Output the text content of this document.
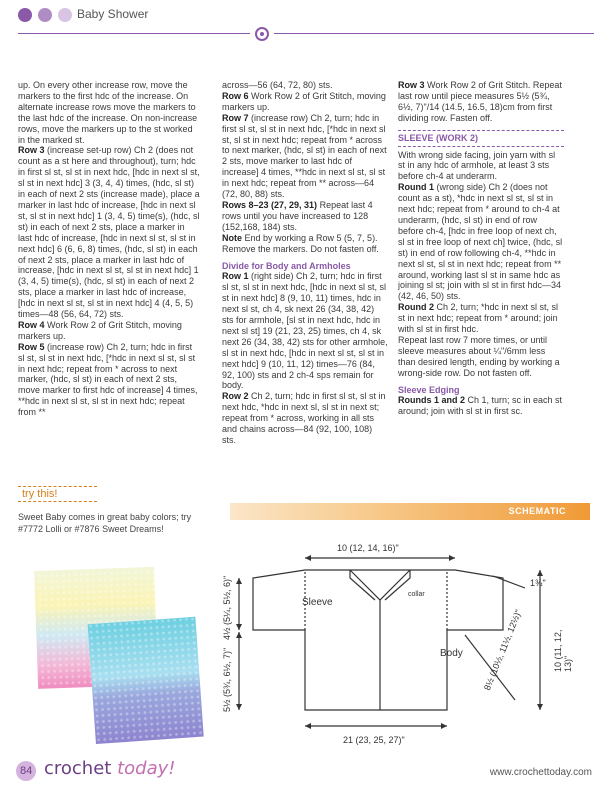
Baby Shower

up. On every other increase row, move the markers to the first hdc of the increase. On alternate increase rows move the markers to the last hdc of the increase. On non-increase rows, move the markers up to the st worked in the marked st.

Row 3 (increase set-up row) Ch 2 (does not count as a st here and throughout), turn; hdc in first sl st, sl st in next hdc, [hdc in next sl st, sl st in next hdc] 3 (3, 4, 4) times, (hdc, sl st) in each of next 2 sts (increase made), place a marker in last hdc of increase, [hdc in next sl st, sl st in next hdc] 1 (3, 4, 5) time(s), (hdc, sl st) in each of next 2 sts, place a marker in last hdc of increase, [hdc in next sl st, sl st in next hdc] 6 (6, 6, 8) times, (hdc, sl st) in each of next 2 sts, place a marker in last hdc of increase, [hdc in next sl st, sl st in next hdc] 1 (3, 4, 5) time(s), (hdc, sl st) in each of next 2 sts, place a marker in last hdc of increase, [hdc in next sl st, sl st in next hdc] 4 (4, 5, 5) times—48 (56, 64, 72) sts.

Row 4 Work Row 2 of Grit Stitch, moving markers up.

Row 5 (increase row) Ch 2, turn; hdc in first sl st, sl st in next hdc, [*hdc in next sl st, sl st in next hdc; repeat from * across to next marker, (hdc, sl st) in each of next 2 sts, move marker to first hdc of increase] 4 times, **hdc in next sl st, sl st in next hdc; repeat from **

across—56 (64, 72, 80) sts.

Row 6 Work Row 2 of Grit Stitch, moving markers up.

Row 7 (increase row) Ch 2, turn; hdc in first sl st, sl st in next hdc, [*hdc in next sl st, sl st in next hdc; repeat from * across to next marker, (hdc, sl st) in each of next 2 sts, move marker to last hdc of increase] 4 times, **hdc in next sl st, sl st in next hdc; repeat from ** across—64 (72, 80, 88) sts.

Rows 8–23 (27, 29, 31) Repeat last 4 rows until you have increased to 128 (152,168, 184) sts.

Note End by working a Row 5 (5, 7, 5). Remove the markers. Do not fasten off.

Divide for Body and Armholes

Row 1 (right side) Ch 2, turn; hdc in first sl st, sl st in next hdc, [hdc in next sl st, sl st in next hdc] 8 (9, 10, 11) times, hdc in next sl st, ch 4, sk next 26 (34, 38, 42) sts for armhole, [sl st in next hdc, hdc in next sl st] 19 (21, 23, 25) times, ch 4, sk next 26 (34, 38, 42) sts for other armhole, sl st in next hdc, [hdc in next sl st, sl st in next hdc] 9 (10, 11, 12) times—76 (84, 92, 100) sts and 2 ch-4 sps remain for body.

Row 2 Ch 2, turn; hdc in first sl st, sl st in next hdc, *hdc in next sl, sl st in next st; repeat from * across, working in all sts and chains across—84 (92, 100, 108) sts.

Row 3 Work Row 2 of Grit Stitch. Repeat last row until piece measures 5½ (5¾, 6½, 7)"/14 (14.5, 16.5, 18)cm from first dividing row. Fasten off.

SLEEVE (WORK 2)

With wrong side facing, join yarn with sl st in any hdc of armhole, at least 3 sts before ch-4 at underarm.

Round 1 (wrong side) Ch 2 (does not count as a st), *hdc in next sl st, sl st in next hdc; repeat from * around to ch-4 at underarm, (hdc, sl st) in end of row before ch-4, [hdc in free loop of next ch, sl st in free loop of next ch] twice, (hdc, sl st) in end of row following ch-4, **hdc in next sl st, sl st in next hdc; repeat from ** around, working last sl st in same hdc as joining sl st; join with sl st in first hdc—34 (42, 46, 50) sts.

Round 2 Ch 2, turn; *hdc in next sl st, sl st in next hdc; repeat from * around; join with sl st in first hdc.

Repeat last row 7 more times, or until sleeve measures about ¼"/6mm less than desired length, ending by working a wrong-side row. Do not fasten off.

Sleeve Edging

Rounds 1 and 2 Ch 1, turn; sc in each st around; join with sl st in first sc.

try this!
Sweet Baby comes in great baby colors; try #7772 Lolli or #7876 Sweet Dreams!
SCHEMATIC
10 (12, 14, 16)"
Sleeve
collar
Body
1¾"
4½ (5¼, 5½, 6)"
5½ (5¾, 6½, 7)"	8½ (10½, 11½, 12½)"	10 (11, 12, 13)"
21 (23, 25, 27)"
84 crochet today!	www.crochettoday.com
